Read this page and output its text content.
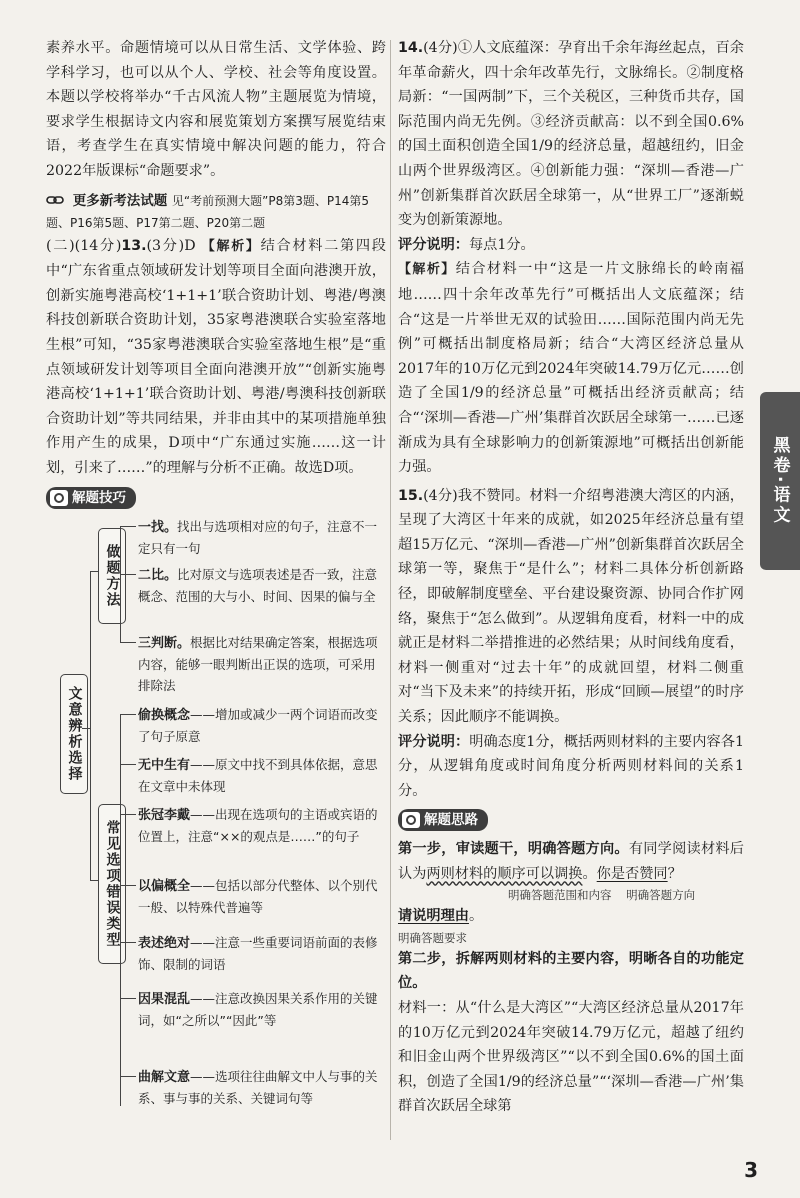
素养水平。命题情境可以从日常生活、文学体验、跨学科学习，也可以从个人、学校、社会等角度设置。本题以学校将举办“千古风流人物”主题展览为情境，要求学生根据诗文内容和展览策划方案撰写展览结束语，考查学生在真实情境中解决问题的能力，符合2022年版课标“命题要求”。

更多新考法试题 见“考前预测大题”P8第3题、P14第5题、P16第5题、P17第二题、P20第二题

(二)(14分)13.(3分)D 【解析】结合材料二第四段中“广东省重点领域研发计划等项目全面向港澳开放，创新实施粤港高校‘1+1+1’联合资助计划、粤港/粤澳科技创新联合资助计划，35家粤港澳联合实验室落地生根”可知，“35家粤港澳联合实验室落地生根”是“重点领域研发计划等项目全面向港澳开放”“创新实施粤港高校‘1+1+1’联合资助计划、粤港/粤澳科技创新联合资助计划”等共同结果，并非由其中的某项措施单独作用产生的成果，D项中“广东通过实施……这一计划，引来了……”的理解与分析不正确。故选D项。

解题技巧
文意辨析选择
做题方法
常见选项错误类型
一找。找出与选项相对应的句子，注意不一定只有一句
二比。比对原文与选项表述是否一致，注意概念、范围的大与小、时间、因果的偏与全
三判断。根据比对结果确定答案，根据选项内容，能够一眼判断出正误的选项，可采用排除法
偷换概念——增加或减少一两个词语而改变了句子原意
无中生有——原文中找不到具体依据，意思在文章中未体现
张冠李戴——出现在选项句的主语或宾语的位置上，注意“××的观点是……”的句子
以偏概全——包括以部分代整体、以个别代一般、以特殊代普遍等
表述绝对——注意一些重要词语前面的表修饰、限制的词语
因果混乱——注意改换因果关系作用的关键词，如“之所以”“因此”等
曲解文意——选项往往曲解文中人与事的关系、事与事的关系、关键词句等

14.(4分)①人文底蕴深：孕育出千余年海丝起点，百余年革命薪火，四十余年改革先行，文脉绵长。②制度格局新：“一国两制”下，三个关税区，三种货币共存，国际范围内尚无先例。③经济贡献高：以不到全国0.6%的国土面积创造全国1/9的经济总量，超越纽约，旧金山两个世界级湾区。④创新能力强：“深圳—香港—广州”创新集群首次跃居全球第一，从“世界工厂”逐渐蜕变为创新策源地。

评分说明：每点1分。

【解析】结合材料一中“这是一片文脉绵长的岭南福地……四十余年改革先行”可概括出人文底蕴深；结合“这是一片举世无双的试验田……国际范围内尚无先例”可概括出制度格局新；结合“大湾区经济总量从2017年的10万亿元到2024年突破14.79万亿元……创造了全国1/9的经济总量”可概括出经济贡献高；结合“‘深圳—香港—广州’集群首次跃居全球第一……已逐渐成为具有全球影响力的创新策源地”可概括出创新能力强。

15.(4分)我不赞同。材料一介绍粤港澳大湾区的内涵，呈现了大湾区十年来的成就，如2025年经济总量有望超15万亿元、“深圳—香港—广州”创新集群首次跃居全球第一等，聚焦于“是什么”；材料二具体分析创新路径，即破解制度壁垒、平台建设聚资源、协同合作扩网络，聚焦于“怎么做到”。从逻辑角度看，材料一中的成就正是材料二举措推进的必然结果；从时间线角度看，材料一侧重对“过去十年”的成就回望，材料二侧重对“当下及未来”的持续开拓，形成“回顾—展望”的时序关系；因此顺序不能调换。

评分说明：明确态度1分，概括两则材料的主要内容各1分，从逻辑角度或时间角度分析两则材料间的关系1分。

解题思路

第一步，审读题干，明确答题方向。有同学阅读材料后认为两则材料的顺序可以调换。你是否赞同？

明确答题范围和内容 明确答题方向

请说明理由。

明确答题要求

第二步，拆解两则材料的主要内容，明晰各自的功能定位。

材料一：从“什么是大湾区”“大湾区经济总量从2017年的10万亿元到2024年突破14.79万亿元，超越了纽约和旧金山两个世界级湾区”“以不到全国0.6%的国土面积，创造了全国1/9的经济总量”“‘深圳—香港—广州’集群首次跃居全球第

黑卷·语文
3
